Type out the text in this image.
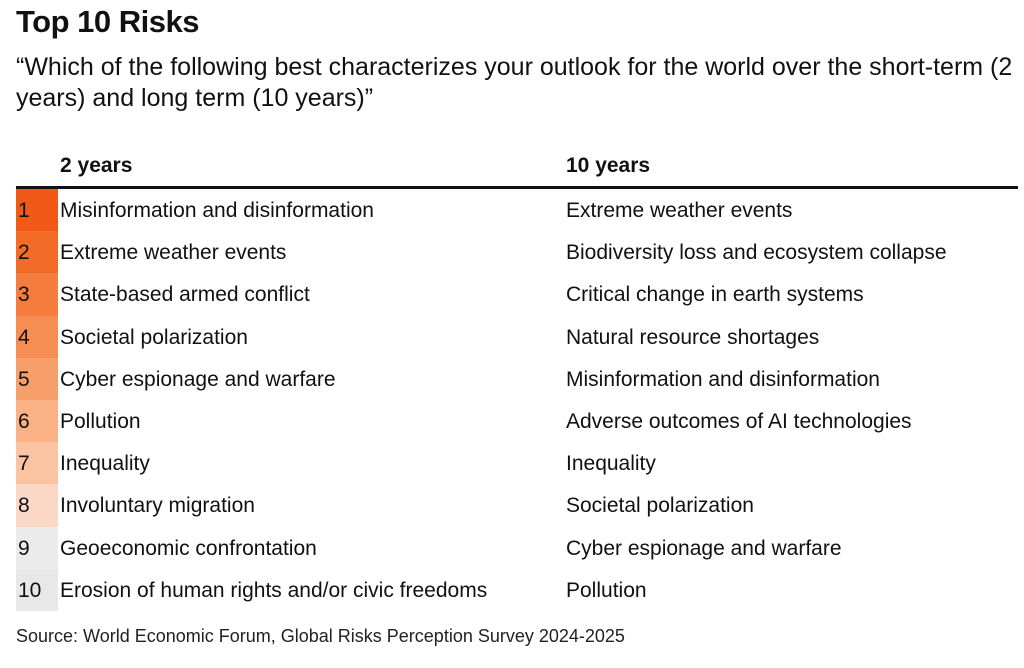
Top 10 Risks

“Which of the following best characterizes your outlook for the world over the short-term (2 years) and long term (10 years)”

2 years	10 years
1	Misinformation and disinformation	Extreme weather events
2	Extreme weather events	Biodiversity loss and ecosystem collapse
3	State-based armed conflict	Critical change in earth systems
4	Societal polarization	Natural resource shortages
5	Cyber espionage and warfare	Misinformation and disinformation
6	Pollution	Adverse outcomes of AI technologies
7	Inequality	Inequality
8	Involuntary migration	Societal polarization
9	Geoeconomic confrontation	Cyber espionage and warfare
10 Erosion of human rights and/or civic freedoms	Pollution
Source: World Economic Forum, Global Risks Perception Survey 2024-2025
